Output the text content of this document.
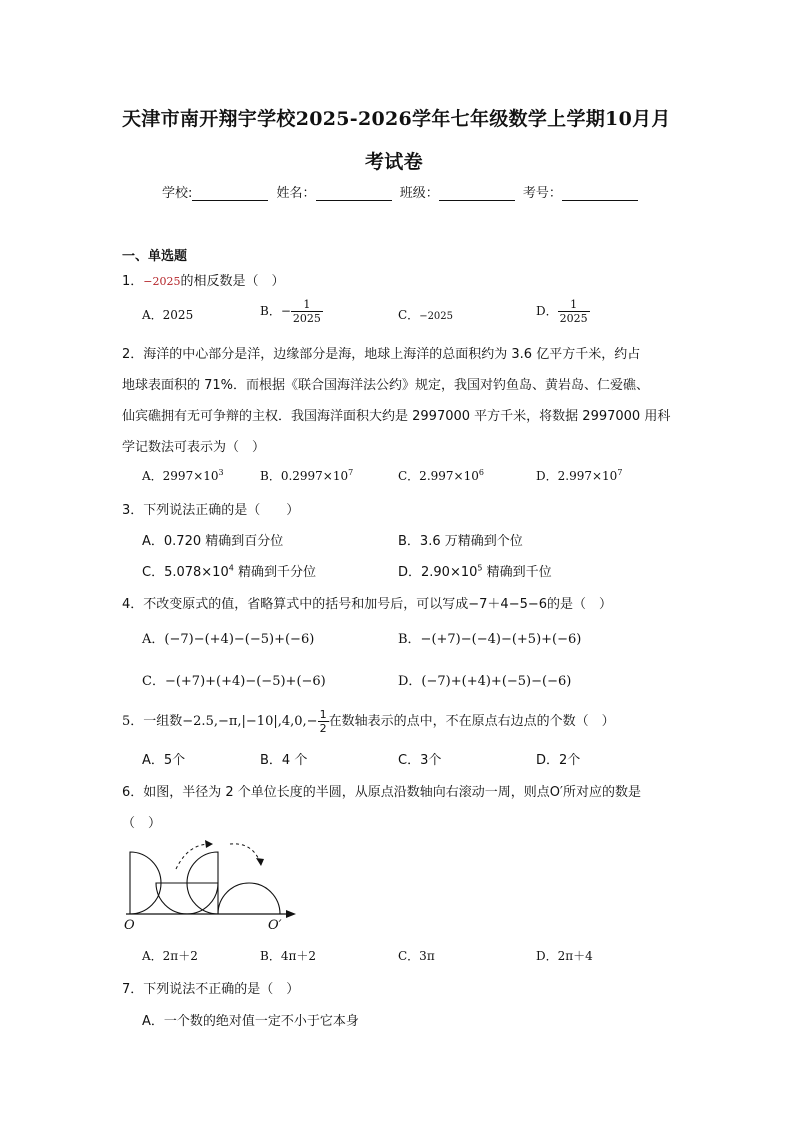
天津市南开翔宇学校2025-2026学年七年级数学上学期10月月
考试卷
学校:	姓名：	班级：	考号：
一、单选题
1．−2025的相反数是（　）
A．2025	B．− $\frac{1}{2025}$	C．−2025	D． $\frac{1}{2025}$
2．海洋的中心部分是洋，边缘部分是海，地球上海洋的总面积约为 3.6 亿平方千米，约占
地球表面积的 71%．而根据《联合国海洋法公约》规定，我国对钓鱼岛、黄岩岛、仁爱礁、
仙宾礁拥有无可争辩的主权．我国海洋面积大约是 2997000 平方千米，将数据 2997000 用科
学记数法可表示为（　）
A．$2997\times 10^3$	B．$0.2997\times 10^7$	C．$2.997\times 10^6$	D．$2.997\times 10^7$
3．下列说法正确的是（　　）
A．0.720 精确到百分位	B．3.6 万精确到个位
C．$5.078\times 10^4$ 精确到千分位	D．$2.90\times 10^5$ 精确到千位
4．不改变原式的值，省略算式中的括号和加号后，可以写成−7＋4−5−6的是（　）
A．(−7)−(+4)−(−5)+(−6)	B．−(+7)−(−4)−(+5)+(−6)
C．−(+7)+(+4)−(−5)+(−6)	D．(−7)+(+4)+(−5)−(−6)
5．一组数$-2.5,-\pi,|-10|,4,0,- \frac{1}{2}$ 在数轴表示的点中，不在原点右边点的个数（　）
A．5个	B．4 个	C．3个	D．2个
6．如图，半径为 2 个单位长度的半圆，从原点沿数轴向右滚动一周，则点O′所对应的数是
（　）
O	O′
A．2π＋2	B．4π＋2	C．3π	D．2π＋4
7．下列说法不正确的是（　）
A．一个数的绝对值一定不小于它本身
